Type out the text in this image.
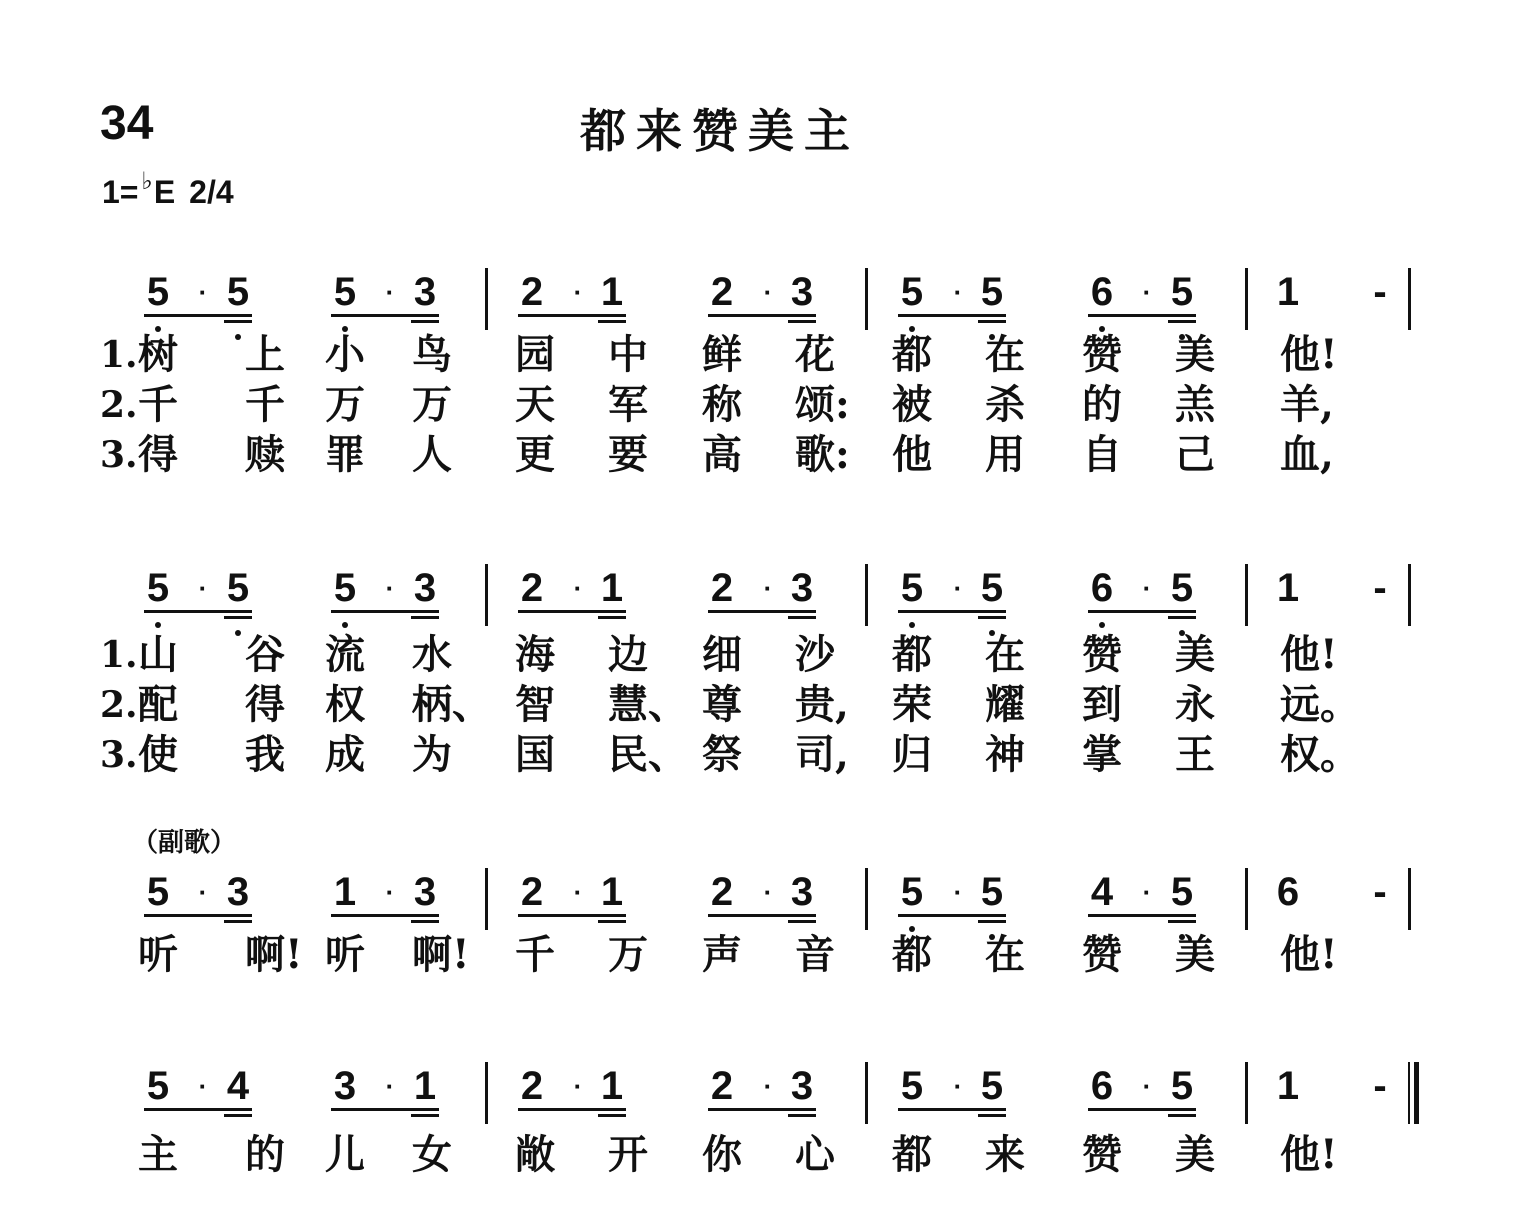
34	都来赞美主
1= ♭E 2/4
（副歌）
5 · 5 5 · 3 2 · 1 2 · 3 5 · 5 6 · 5 1 -
1. 树 上 小 鸟 园 中 鲜 花 都 在 赞 美 他!
2. 千 千 万 万 天 军 称 颂: 被 杀 的 羔 羊,
3. 得 赎 罪 人 更 要 高 歌: 他 用 自 己 血,
5 · 5 5 · 3 2 · 1 2 · 3 5 · 5 6 · 5 1 -
1. 山 谷 流 水 海 边 细 沙 都 在 赞 美 他!
2. 配 得 权 柄、 智 慧、 尊 贵, 荣 耀 到 永 远。
3. 使 我 成 为 国 民、 祭 司, 归 神 掌 王 权。
5 · 3 1 · 3 2 · 1 2 · 3 5 · 5 4 · 5 6 -
听 啊! 听 啊! 千 万 声 音 都 在 赞 美 他!
5 · 4 3 · 1 2 · 1 2 · 3 5 · 5 6 · 5 1 -
主 的 儿 女 敞 开 你 心 都 来 赞 美 他!
